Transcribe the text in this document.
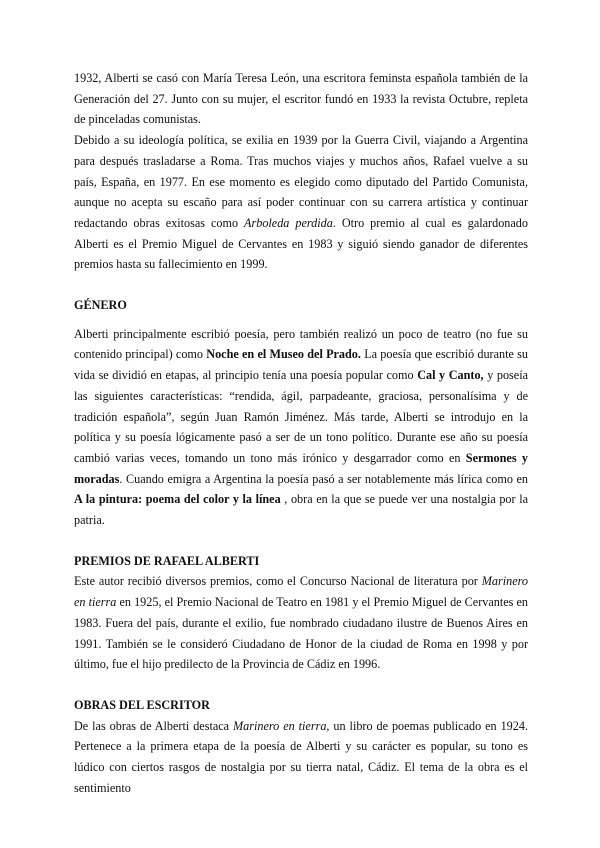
1932, Alberti se casó con María Teresa León, una escritora feminsta española también de la Generación del 27. Junto con su mujer, el escritor fundó en 1933 la revista Octubre, repleta de pinceladas comunistas.

Debido a su ideología política, se exilia en 1939 por la Guerra Civil, viajando a Argentina para después trasladarse a Roma. Tras muchos viajes y muchos años, Rafael vuelve a su país, España, en 1977. En ese momento es elegido como diputado del Partido Comunista, aunque no acepta su escaño para así poder continuar con su carrera artística y continuar redactando obras exitosas como Arboleda perdida. Otro premio al cual es galardonado Alberti es el Premio Miguel de Cervantes en 1983 y siguió siendo ganador de diferentes premios hasta su fallecimiento en 1999.

GÉNERO

Alberti principalmente escribió poesía, pero también realizó un poco de teatro (no fue su contenido principal) como Noche en el Museo del Prado. La poesía que escribió durante su vida se dividió en etapas, al principio tenía una poesía popular como Cal y Canto, y poseía las siguientes características: “rendida, ágil, parpadeante, graciosa, personalísima y de tradición española”, según Juan Ramón Jiménez. Más tarde, Alberti se introdujo en la política y su poesía lógicamente pasó a ser de un tono político. Durante ese año su poesía cambió varias veces, tomando un tono más irónico y desgarrador como en Sermones y moradas. Cuando emigra a Argentina la poesía pasó a ser notablemente más lírica como en A la pintura: poema del color y la línea , obra en la que se puede ver una nostalgia por la patria.

PREMIOS DE RAFAEL ALBERTI

Este autor recibió diversos premios, como el Concurso Nacional de literatura por Marinero en tierra en 1925, el Premio Nacional de Teatro en 1981 y el Premio Miguel de Cervantes en 1983. Fuera del país, durante el exilio, fue nombrado ciudadano ilustre de Buenos Aires en 1991. También se le consideró Ciudadano de Honor de la ciudad de Roma en 1998 y por último, fue el hijo predilecto de la Provincia de Cádiz en 1996.

OBRAS DEL ESCRITOR

De las obras de Alberti destaca Marinero en tierra, un libro de poemas publicado en 1924. Pertenece a la primera etapa de la poesía de Alberti y su carácter es popular, su tono es lúdico con ciertos rasgos de nostalgia por su tierra natal, Cádiz. El tema de la obra es el sentimiento
